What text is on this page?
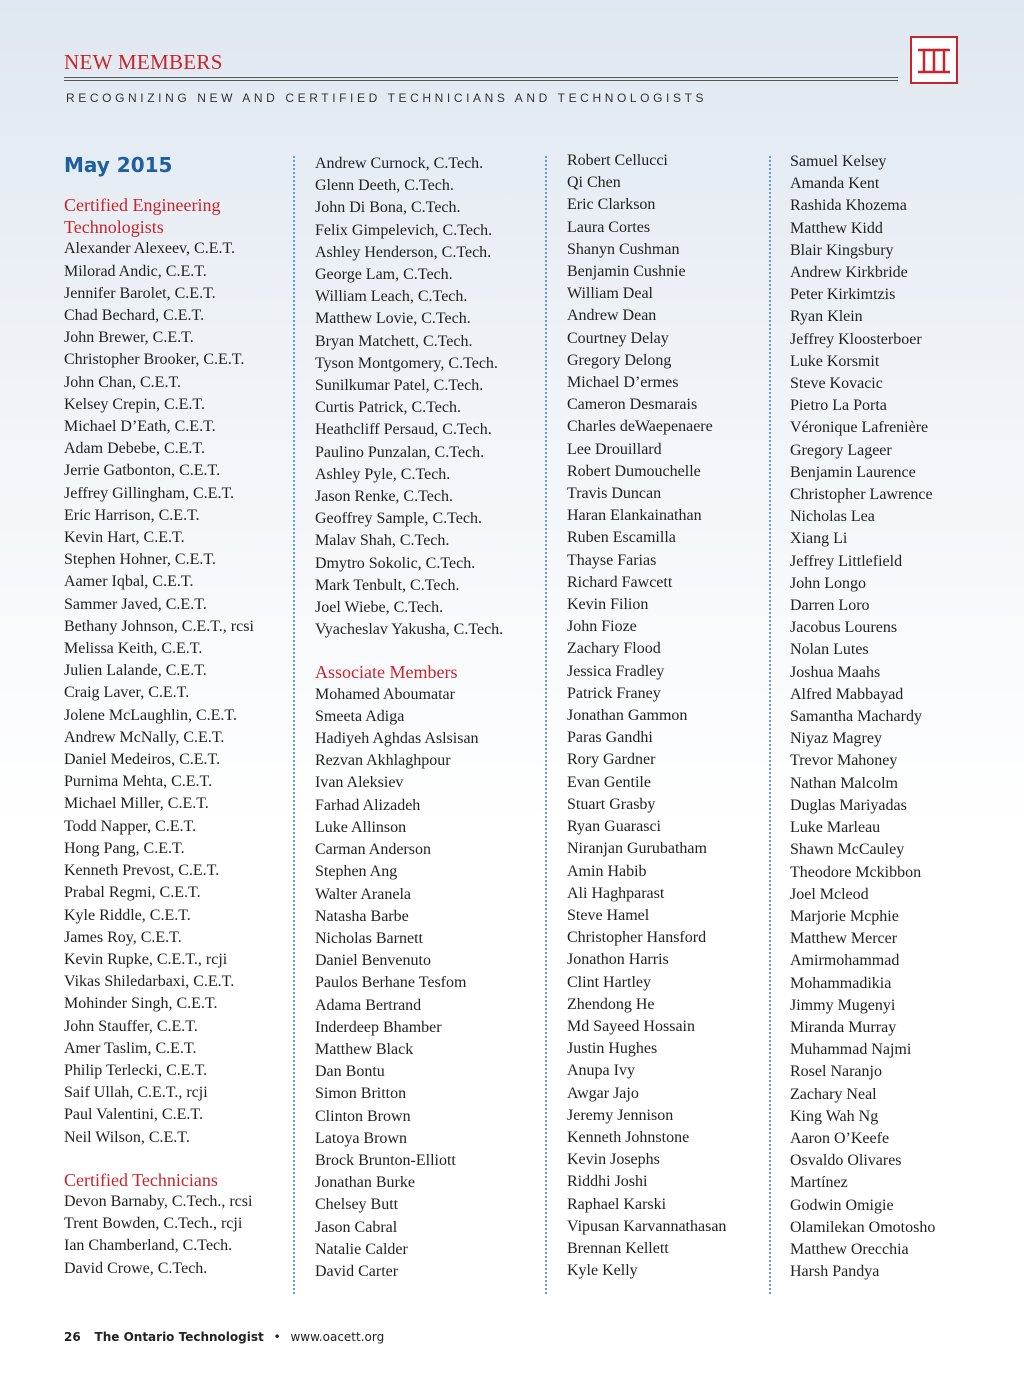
NEW MEMBERS
RECOGNIZING NEW AND CERTIFIED TECHNICIANS AND TECHNOLOGISTS
May 2015
Certified Engineering Technologists
Alexander Alexeev, C.E.T.
Milorad Andic, C.E.T.
Jennifer Barolet, C.E.T.
Chad Bechard, C.E.T.
John Brewer, C.E.T.
Christopher Brooker, C.E.T.
John Chan, C.E.T.
Kelsey Crepin, C.E.T.
Michael D’Eath, C.E.T.
Adam Debebe, C.E.T.
Jerrie Gatbonton, C.E.T.
Jeffrey Gillingham, C.E.T.
Eric Harrison, C.E.T.
Kevin Hart, C.E.T.
Stephen Hohner, C.E.T.
Aamer Iqbal, C.E.T.
Sammer Javed, C.E.T.
Bethany Johnson, C.E.T., rcsi
Melissa Keith, C.E.T.
Julien Lalande, C.E.T.
Craig Laver, C.E.T.
Jolene McLaughlin, C.E.T.
Andrew McNally, C.E.T.
Daniel Medeiros, C.E.T.
Purnima Mehta, C.E.T.
Michael Miller, C.E.T.
Todd Napper, C.E.T.
Hong Pang, C.E.T.
Kenneth Prevost, C.E.T.
Prabal Regmi, C.E.T.
Kyle Riddle, C.E.T.
James Roy, C.E.T.
Kevin Rupke, C.E.T., rcji
Vikas Shiledarbaxi, C.E.T.
Mohinder Singh, C.E.T.
John Stauffer, C.E.T.
Amer Taslim, C.E.T.
Philip Terlecki, C.E.T.
Saif Ullah, C.E.T., rcji
Paul Valentini, C.E.T.
Neil Wilson, C.E.T.
Certified Technicians
Devon Barnaby, C.Tech., rcsi
Trent Bowden, C.Tech., rcji
Ian Chamberland, C.Tech.
David Crowe, C.Tech.
Andrew Curnock, C.Tech.
Glenn Deeth, C.Tech.
John Di Bona, C.Tech.
Felix Gimpelevich, C.Tech.
Ashley Henderson, C.Tech.
George Lam, C.Tech.
William Leach, C.Tech.
Matthew Lovie, C.Tech.
Bryan Matchett, C.Tech.
Tyson Montgomery, C.Tech.
Sunilkumar Patel, C.Tech.
Curtis Patrick, C.Tech.
Heathcliff Persaud, C.Tech.
Paulino Punzalan, C.Tech.
Ashley Pyle, C.Tech.
Jason Renke, C.Tech.
Geoffrey Sample, C.Tech.
Malav Shah, C.Tech.
Dmytro Sokolic, C.Tech.
Mark Tenbult, C.Tech.
Joel Wiebe, C.Tech.
Vyacheslav Yakusha, C.Tech.
Associate Members
Mohamed Aboumatar
Smeeta Adiga
Hadiyeh Aghdas Aslsisan
Rezvan Akhlaghpour
Ivan Aleksiev
Farhad Alizadeh
Luke Allinson
Carman Anderson
Stephen Ang
Walter Aranela
Natasha Barbe
Nicholas Barnett
Daniel Benvenuto
Paulos Berhane Tesfom
Adama Bertrand
Inderdeep Bhamber
Matthew Black
Dan Bontu
Simon Britton
Clinton Brown
Latoya Brown
Brock Brunton-Elliott
Jonathan Burke
Chelsey Butt
Jason Cabral
Natalie Calder
David Carter
Robert Cellucci
Qi Chen
Eric Clarkson
Laura Cortes
Shanyn Cushman
Benjamin Cushnie
William Deal
Andrew Dean
Courtney Delay
Gregory Delong
Michael D’ermes
Cameron Desmarais
Charles deWaepenaere
Lee Drouillard
Robert Dumouchelle
Travis Duncan
Haran Elankainathan
Ruben Escamilla
Thayse Farias
Richard Fawcett
Kevin Filion
John Fioze
Zachary Flood
Jessica Fradley
Patrick Franey
Jonathan Gammon
Paras Gandhi
Rory Gardner
Evan Gentile
Stuart Grasby
Ryan Guarasci
Niranjan Gurubatham
Amin Habib
Ali Haghparast
Steve Hamel
Christopher Hansford
Jonathon Harris
Clint Hartley
Zhendong He
Md Sayeed Hossain
Justin Hughes
Anupa Ivy
Awgar Jajo
Jeremy Jennison
Kenneth Johnstone
Kevin Josephs
Riddhi Joshi
Raphael Karski
Vipusan Karvannathasan
Brennan Kellett
Kyle Kelly
Samuel Kelsey
Amanda Kent
Rashida Khozema
Matthew Kidd
Blair Kingsbury
Andrew Kirkbride
Peter Kirkimtzis
Ryan Klein
Jeffrey Kloosterboer
Luke Korsmit
Steve Kovacic
Pietro La Porta
Véronique Lafrenière
Gregory Lageer
Benjamin Laurence
Christopher Lawrence
Nicholas Lea
Xiang Li
Jeffrey Littlefield
John Longo
Darren Loro
Jacobus Lourens
Nolan Lutes
Joshua Maahs
Alfred Mabbayad
Samantha Machardy
Niyaz Magrey
Trevor Mahoney
Nathan Malcolm
Duglas Mariyadas
Luke Marleau
Shawn McCauley
Theodore Mckibbon
Joel Mcleod
Marjorie Mcphie
Matthew Mercer
Amirmohammad
Mohammadikia
Jimmy Mugenyi
Miranda Murray
Muhammad Najmi
Rosel Naranjo
Zachary Neal
King Wah Ng
Aaron O’Keefe
Osvaldo Olivares
Martínez
Godwin Omigie
Olamilekan Omotosho
Matthew Orecchia
Harsh Pandya
26 The Ontario Technologist • www.oacett.org
